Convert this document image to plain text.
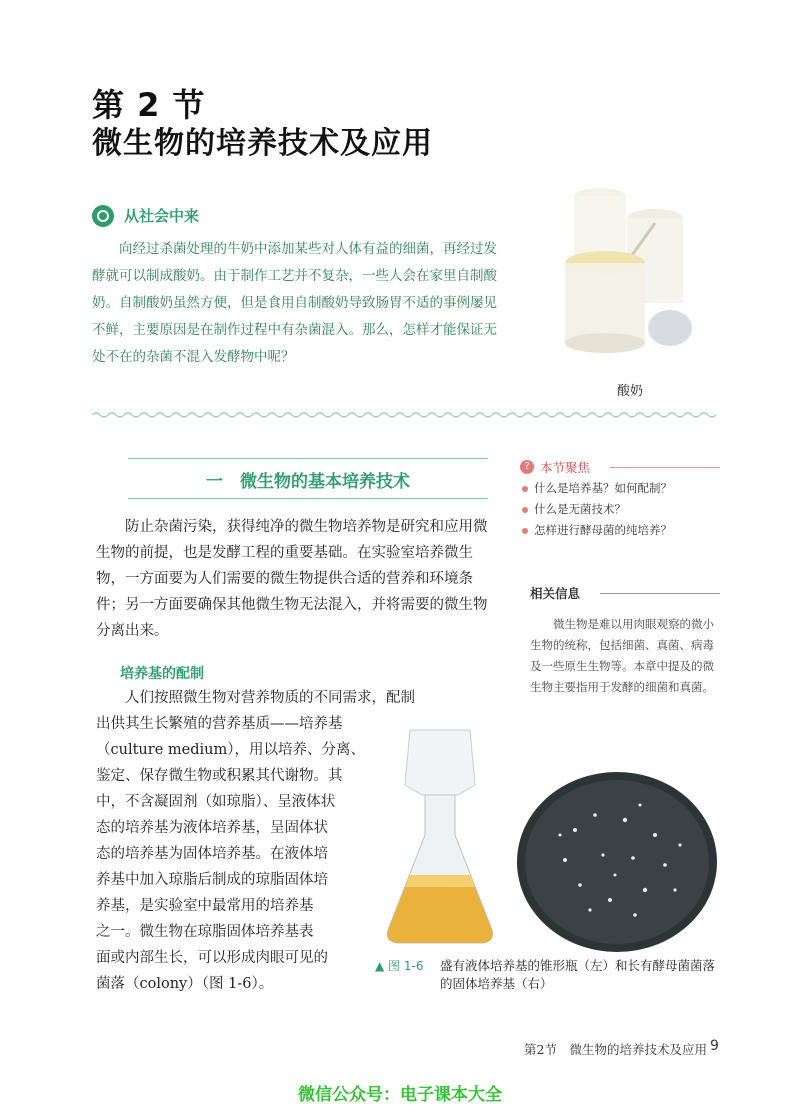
第 2 节
微生物的培养技术及应用
从社会中来
向经过杀菌处理的牛奶中添加某些对人体有益的细菌，再经过发酵就可以制成酸奶。由于制作工艺并不复杂，一些人会在家里自制酸奶。自制酸奶虽然方便，但是食用自制酸奶导致肠胃不适的事例屡见不鲜，主要原因是在制作过程中有杂菌混入。那么，怎样才能保证无处不在的杂菌不混入发酵物中呢？
酸奶
一　微生物的基本培养技术
? 本节聚焦
什么是培养基？如何配制？
什么是无菌技术？
怎样进行酵母菌的纯培养？
相关信息
微生物是难以用肉眼观察的微小生物的统称，包括细菌、真菌、病毒及一些原生生物等。本章中提及的微生物主要指用于发酵的细菌和真菌。
防止杂菌污染，获得纯净的微生物培养物是研究和应用微生物的前提，也是发酵工程的重要基础。在实验室培养微生物，一方面要为人们需要的微生物提供合适的营养和环境条件；另一方面要确保其他微生物无法混入，并将需要的微生物分离出来。
培养基的配制
　　人们按照微生物对营养物质的不同需求，配制
出供其生长繁殖的营养基质——培养基
（culture medium），用以培养、分离、
鉴定、保存微生物或积累其代谢物。其
中，不含凝固剂（如琼脂）、呈液体状
态的培养基为液体培养基，呈固体状
态的培养基为固体培养基。在液体培
养基中加入琼脂后制成的琼脂固体培
养基，是实验室中最常用的培养基
之一。微生物在琼脂固体培养基表
面或内部生长，可以形成肉眼可见的
菌落（colony）（图 1-6）。
▲ 图 1-6 盛有液体培养基的锥形瓶（左）和长有酵母菌菌落的固体培养基（右）
第2节　微生物的培养技术及应用 9
微信公众号：电子课本大全
